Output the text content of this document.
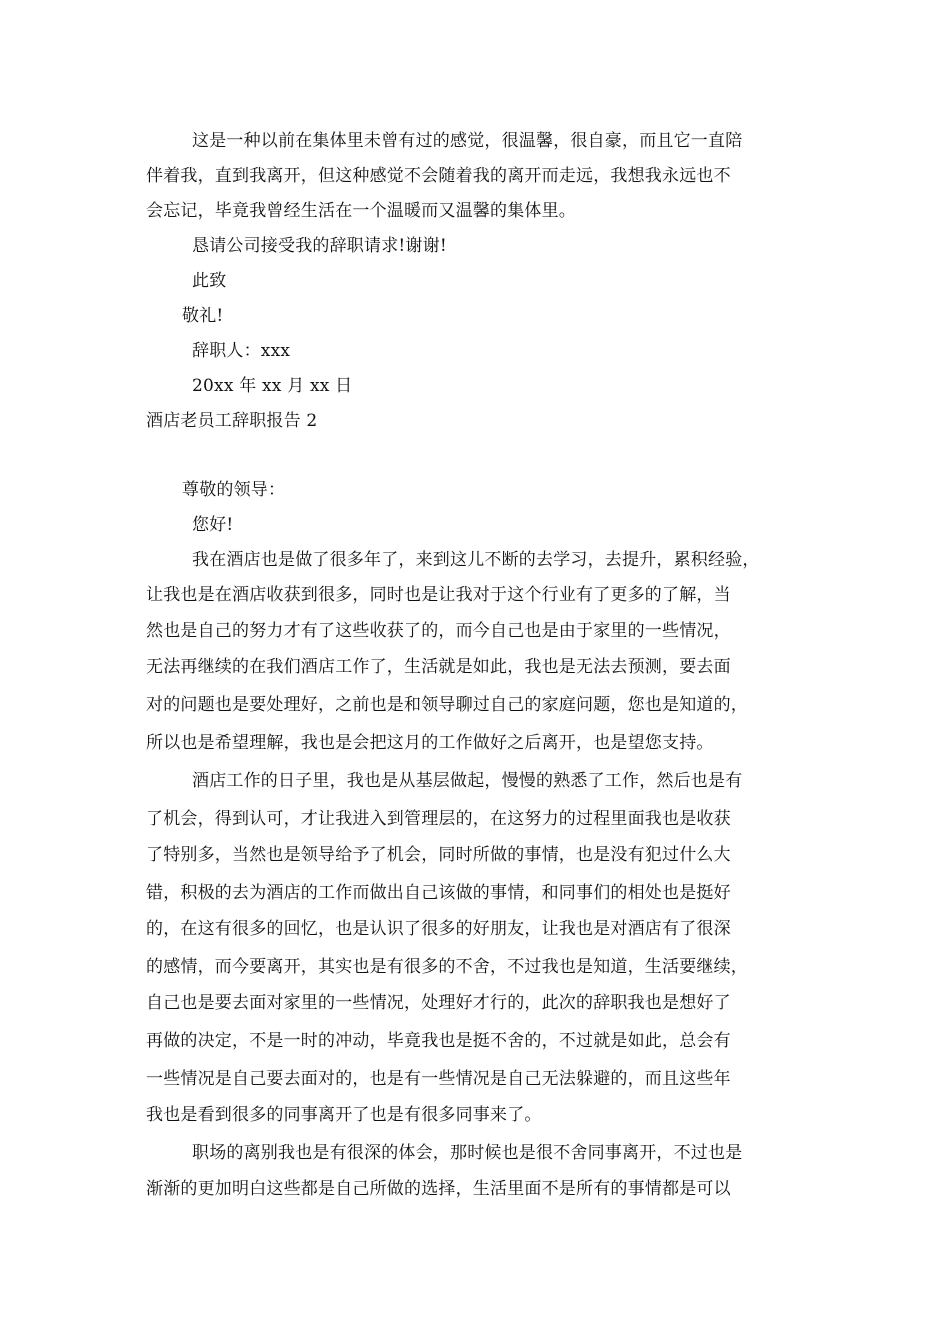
这是一种以前在集体里未曾有过的感觉，很温馨，很自豪，而且它一直陪
伴着我，直到我离开，但这种感觉不会随着我的离开而走远，我想我永远也不
会忘记，毕竟我曾经生活在一个温暖而又温馨的集体里。
恳请公司接受我的辞职请求!谢谢!
此致
敬礼!
辞职人：xxx
20xx 年 xx 月 xx 日
酒店老员工辞职报告 2
尊敬的领导：
您好!
我在酒店也是做了很多年了，来到这儿不断的去学习，去提升，累积经验，
让我也是在酒店收获到很多，同时也是让我对于这个行业有了更多的了解，当
然也是自己的努力才有了这些收获了的，而今自己也是由于家里的一些情况，
无法再继续的在我们酒店工作了，生活就是如此，我也是无法去预测，要去面
对的问题也是要处理好，之前也是和领导聊过自己的家庭问题，您也是知道的，
所以也是希望理解，我也是会把这月的工作做好之后离开，也是望您支持。
酒店工作的日子里，我也是从基层做起，慢慢的熟悉了工作，然后也是有
了机会，得到认可，才让我进入到管理层的，在这努力的过程里面我也是收获
了特别多，当然也是领导给予了机会，同时所做的事情，也是没有犯过什么大
错，积极的去为酒店的工作而做出自己该做的事情，和同事们的相处也是挺好
的，在这有很多的回忆，也是认识了很多的好朋友，让我也是对酒店有了很深
的感情，而今要离开，其实也是有很多的不舍，不过我也是知道，生活要继续，
自己也是要去面对家里的一些情况，处理好才行的，此次的辞职我也是想好了
再做的决定，不是一时的冲动，毕竟我也是挺不舍的，不过就是如此，总会有
一些情况是自己要去面对的，也是有一些情况是自己无法躲避的，而且这些年
我也是看到很多的同事离开了也是有很多同事来了。
职场的离别我也是有很深的体会，那时候也是很不舍同事离开，不过也是
渐渐的更加明白这些都是自己所做的选择，生活里面不是所有的事情都是可以
